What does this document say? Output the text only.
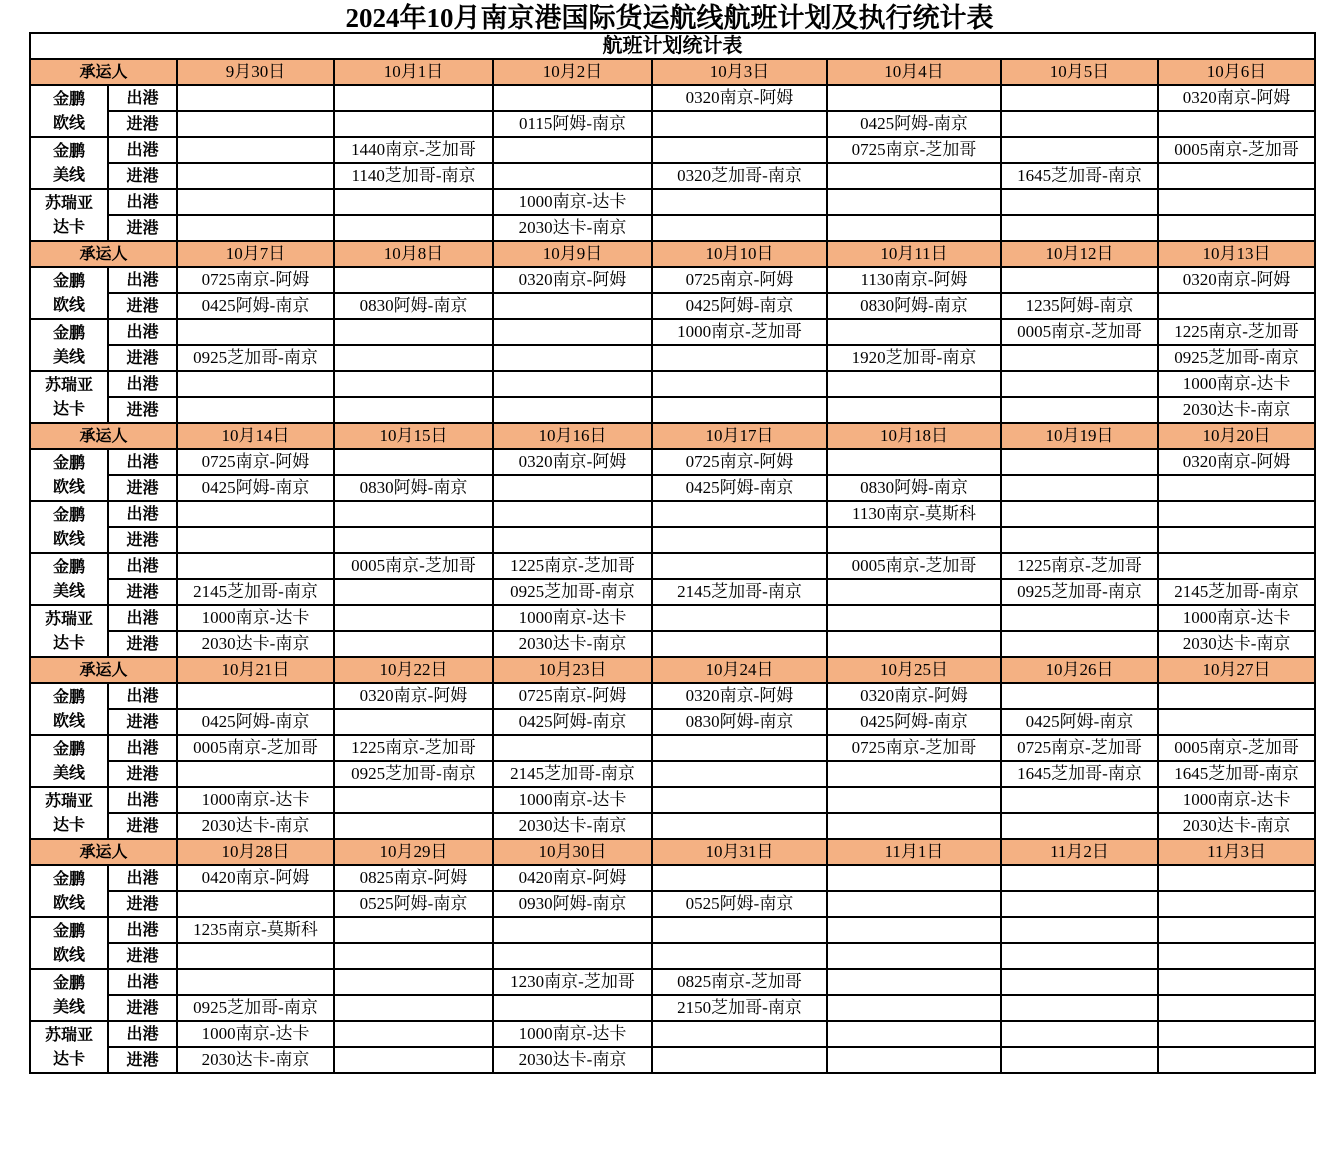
2024年10月南京港国际货运航线航班计划及执行统计表
航班计划统计表								
承运人		9月30日	10月1日	10月2日	10月3日	10月4日	10月5日	10月6日

金鹏
欧线	出港				0320南京-阿姆			0320南京-阿姆
	进港			0115阿姆-南京		0425阿姆-南京		

金鹏
美线	出港		1440南京-芝加哥			0725南京-芝加哥		0005南京-芝加哥
	进港		1140芝加哥-南京		0320芝加哥-南京		1645芝加哥-南京	

苏瑞亚
达卡	出港			1000南京-达卡				
	进港			2030达卡-南京				
承运人		10月7日	10月8日	10月9日	10月10日	10月11日	10月12日	10月13日

金鹏
欧线	出港	0725南京-阿姆		0320南京-阿姆	0725南京-阿姆	1130南京-阿姆		0320南京-阿姆
	进港	0425阿姆-南京	0830阿姆-南京		0425阿姆-南京	0830阿姆-南京	1235阿姆-南京	

金鹏
美线	出港				1000南京-芝加哥		0005南京-芝加哥	1225南京-芝加哥
	进港	0925芝加哥-南京				1920芝加哥-南京		0925芝加哥-南京

苏瑞亚
达卡	出港							1000南京-达卡
	进港							2030达卡-南京
承运人		10月14日	10月15日	10月16日	10月17日	10月18日	10月19日	10月20日

金鹏
欧线	出港	0725南京-阿姆		0320南京-阿姆	0725南京-阿姆			0320南京-阿姆
	进港	0425阿姆-南京	0830阿姆-南京		0425阿姆-南京	0830阿姆-南京		

金鹏
欧线	出港					1130南京-莫斯科		
	进港							

金鹏
美线	出港		0005南京-芝加哥	1225南京-芝加哥		0005南京-芝加哥	1225南京-芝加哥	
	进港	2145芝加哥-南京		0925芝加哥-南京	2145芝加哥-南京		0925芝加哥-南京	2145芝加哥-南京

苏瑞亚
达卡	出港	1000南京-达卡		1000南京-达卡				1000南京-达卡
	进港	2030达卡-南京		2030达卡-南京				2030达卡-南京
承运人		10月21日	10月22日	10月23日	10月24日	10月25日	10月26日	10月27日

金鹏
欧线	出港		0320南京-阿姆	0725南京-阿姆	0320南京-阿姆	0320南京-阿姆		
	进港	0425阿姆-南京		0425阿姆-南京	0830阿姆-南京	0425阿姆-南京	0425阿姆-南京	

金鹏
美线	出港	0005南京-芝加哥	1225南京-芝加哥			0725南京-芝加哥	0725南京-芝加哥	0005南京-芝加哥
	进港		0925芝加哥-南京	2145芝加哥-南京			1645芝加哥-南京	1645芝加哥-南京

苏瑞亚
达卡	出港	1000南京-达卡		1000南京-达卡				1000南京-达卡
	进港	2030达卡-南京		2030达卡-南京				2030达卡-南京
承运人		10月28日	10月29日	10月30日	10月31日	11月1日	11月2日	11月3日

金鹏
欧线	出港	0420南京-阿姆	0825南京-阿姆	0420南京-阿姆				
	进港		0525阿姆-南京	0930阿姆-南京	0525阿姆-南京			

金鹏
欧线	出港	1235南京-莫斯科						
	进港							

金鹏
美线	出港			1230南京-芝加哥	0825南京-芝加哥			
	进港	0925芝加哥-南京			2150芝加哥-南京			

苏瑞亚
达卡	出港	1000南京-达卡		1000南京-达卡				
	进港	2030达卡-南京		2030达卡-南京				
